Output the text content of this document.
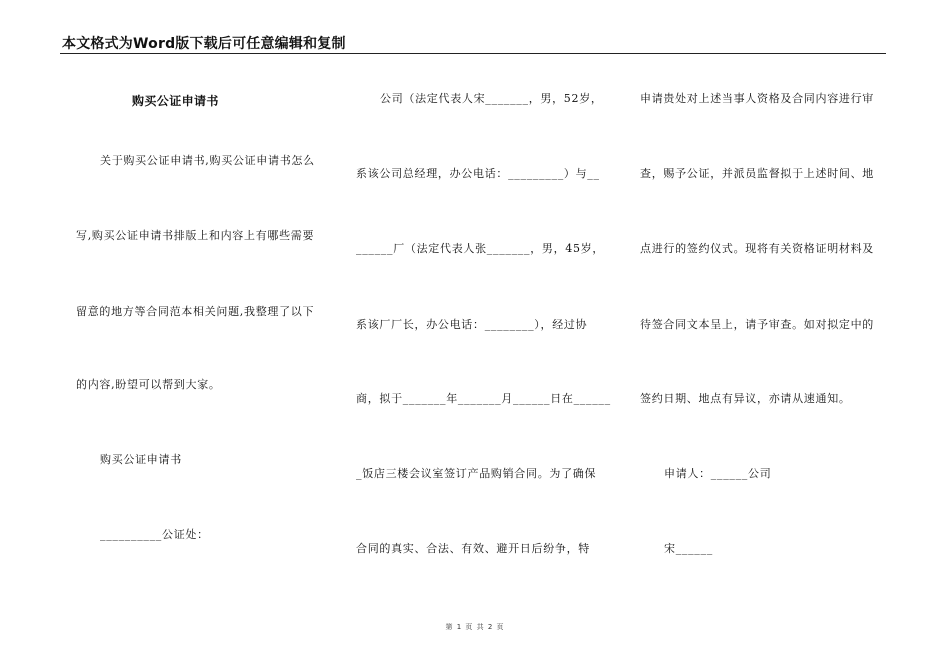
本文格式为Word版下载后可任意编辑和复制
购买公证申请书
关于购买公证申请书,购买公证申请书怎么
写,购买公证申请书排版上和内容上有哪些需要
留意的地方等合同范本相关问题,我整理了以下
的内容,盼望可以帮到大家。
购买公证申请书
__________公证处：
公司（法定代表人宋_______，男，52岁，
系该公司总经理，办公电话：_________）与__
______厂（法定代表人张_______，男，45岁，
系该厂厂长，办公电话：________），经过协
商，拟于_______年_______月______日在______
_饭店三楼会议室签订产品购销合同。为了确保
合同的真实、合法、有效、避开日后纷争，特
申请贵处对上述当事人资格及合同内容进行审
查，赐予公证，并派员监督拟于上述时间、地
点进行的签约仪式。现将有关资格证明材料及
待签合同文本呈上，请予审查。如对拟定中的
签约日期、地点有异议，亦请从速通知。
申请人：______公司
宋______
第 1 页 共 2 页
